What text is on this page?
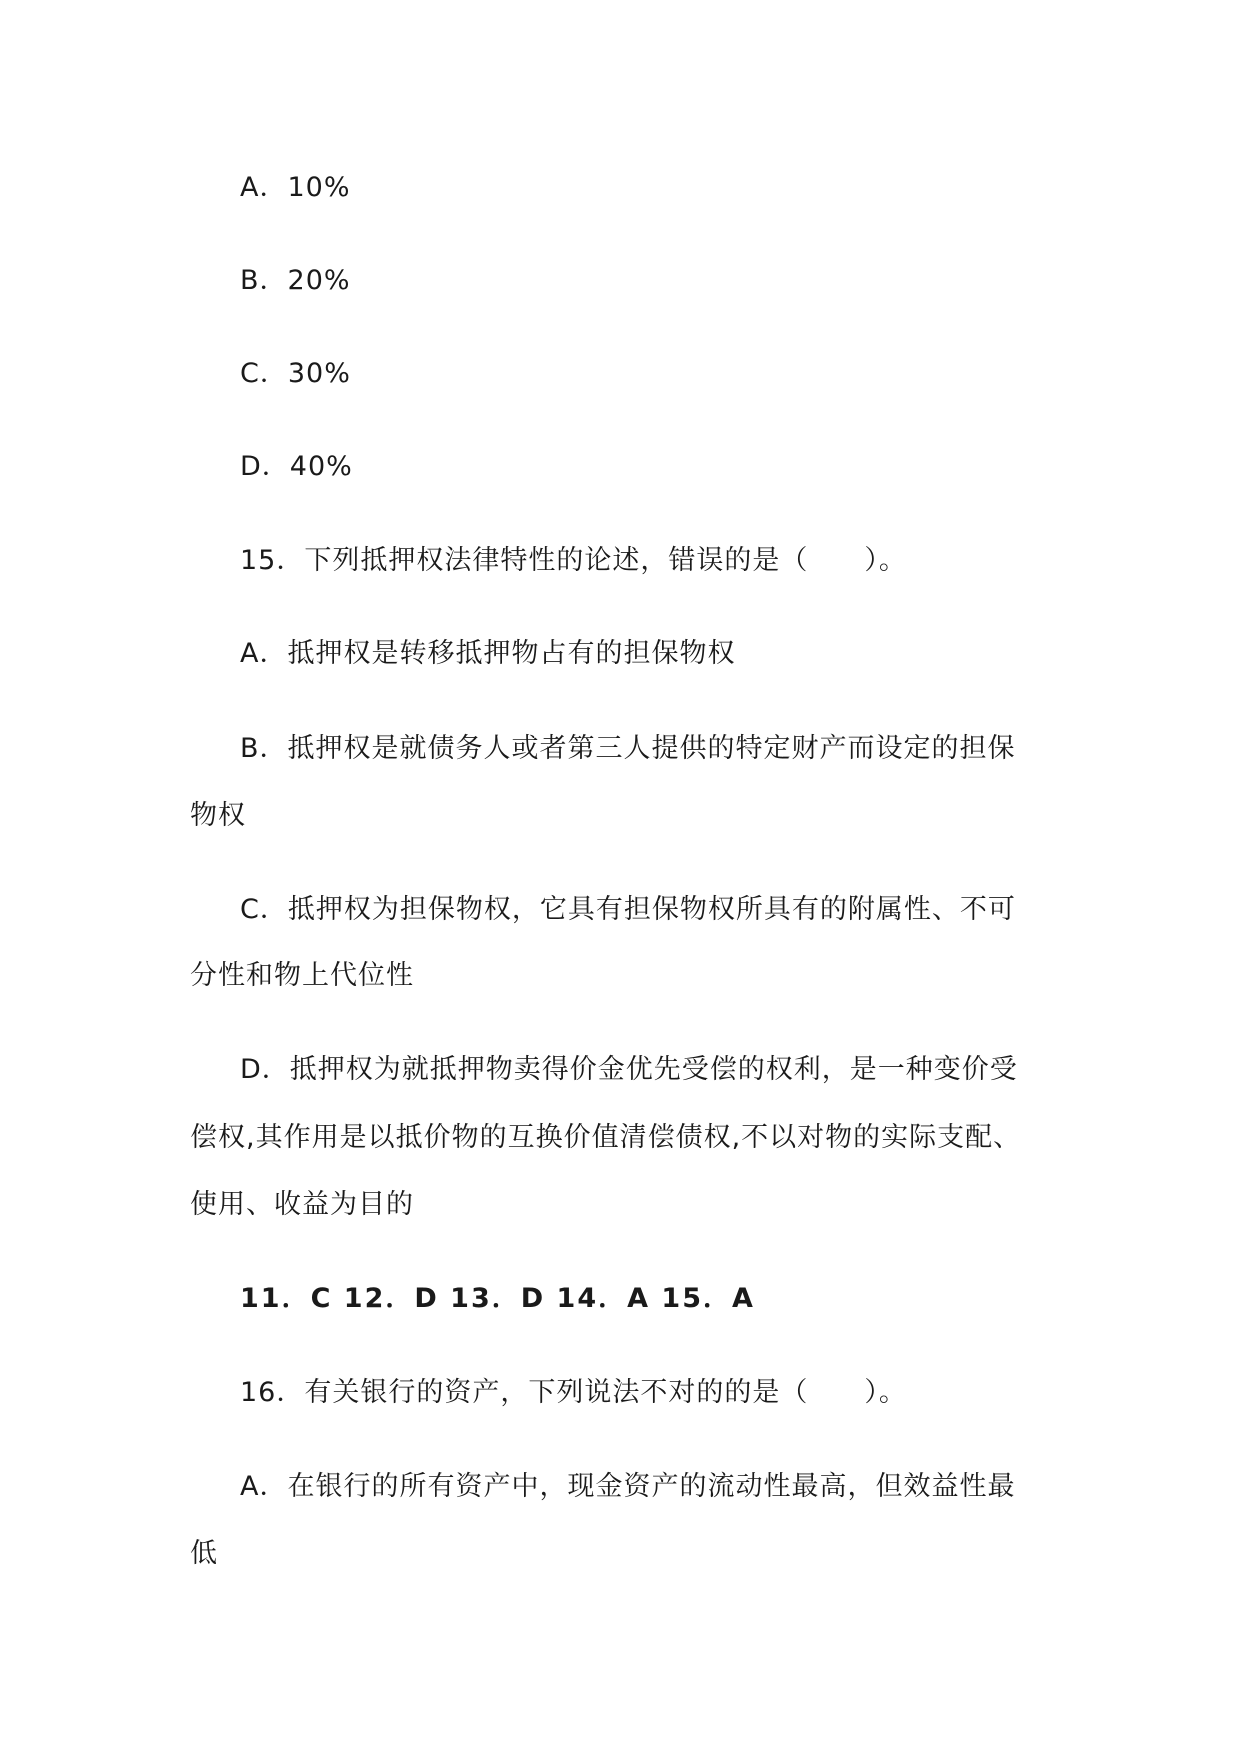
A．10%
B．20%
C．30%
D．40%
15．下列抵押权法律特性的论述，错误的是（　　）。
A．抵押权是转移抵押物占有的担保物权
B．抵押权是就债务人或者第三人提供的特定财产而设定的担保
物权
C．抵押权为担保物权，它具有担保物权所具有的附属性、不可
分性和物上代位性
D．抵押权为就抵押物卖得价金优先受偿的权利，是一种变价受
偿权,其作用是以抵价物的互换价值清偿债权,不以对物的实际支配、
使用、收益为目的
11．C 12．D 13．D 14．A 15．A
16．有关银行的资产，下列说法不对的的是（　　）。
A．在银行的所有资产中，现金资产的流动性最高，但效益性最
低
